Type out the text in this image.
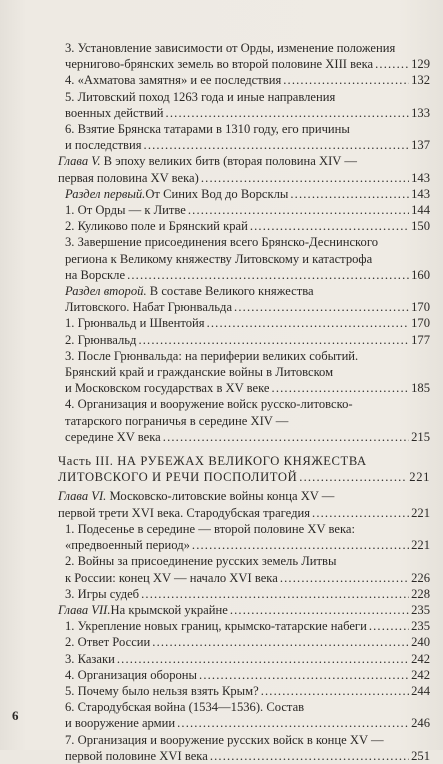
3. Установление зависимости от Орды, изменение положения
чернигово-брянских земель во второй половине XIII века . . .	129
4. «Ахматова замятня» и ее последствия . . .	132
5. Литовский поход 1263 года и иные направления
военных действий . . .	133
6. Взятие Брянска татарами в 1310 году, его причины
и последствия . . .	137
Глава V. В эпоху великих битв (вторая половина XIV —
первая половина XV века) . . .	143
Раздел первый. От Синих Вод до Ворсклы . . .	143
1. От Орды — к Литве . . .	144
2. Куликово поле и Брянский край . . .	150
3. Завершение присоединения всего Брянско-Деснинского
региона к Великому княжеству Литовскому и катастрофа
на Ворскле . . .	160
Раздел второй. В составе Великого княжества
Литовского. Набат Грюнвальда . . .	170
1. Грюнвальд и Швентойя . . .	170
2. Грюнвальд . . .	177
3. После Грюнвальда: на периферии великих событий.
Брянский край и гражданские войны в Литовском
и Московском государствах в XV веке . . .	185
4. Организация и вооружение войск русско-литовско-
татарского пограничья в середине XIV —
середине XV века . . .	215
Часть III. НА РУБЕЖАХ ВЕЛИКОГО КНЯЖЕСТВА
ЛИТОВСКОГО И РЕЧИ ПОСПОЛИТОЙ . . .	221
Глава VI. Московско-литовские войны конца XV —
первой трети XVI века. Стародубская трагедия . . .	221
1. Подесенье в середине — второй половине XV века:
«предвоенный период» . . .	221
2. Войны за присоединение русских земель Литвы
к России: конец XV — начало XVI века . . .	226
3. Игры судеб . . .	228
Глава VII. На крымской украйне . . .	235
1. Укрепление новых границ, крымско-татарские набеги . . .	235
2. Ответ России . . .	240
3. Казаки . . .	242
4. Организация обороны . . .	242
5. Почему было нельзя взять Крым? . . .	244
6. Стародубская война (1534—1536). Состав
и вооружение армии . . .	246
7. Организация и вооружение русских войск в конце XV —
первой половине XVI века . . .	251
6
